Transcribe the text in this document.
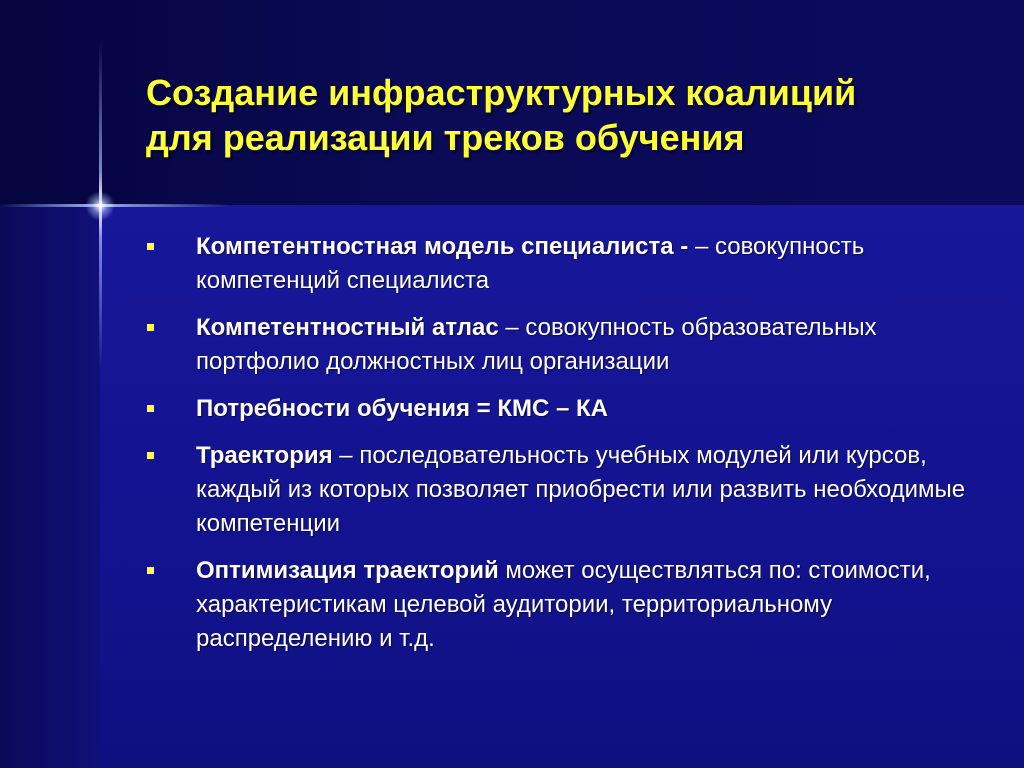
Создание инфраструктурных коалиций
для реализации треков обучения
Компетентностная модель специалиста - – совокупность компетенций специалиста
Компетентностный атлас – совокупность образовательных портфолио должностных лиц организации
Потребности обучения = КМС – КА
Траектория – последовательность учебных модулей или курсов, каждый из которых позволяет приобрести или развить необходимые компетенции
Оптимизация траекторий может осуществляться по: стоимости, характеристикам целевой аудитории, территориальному распределению и т.д.
